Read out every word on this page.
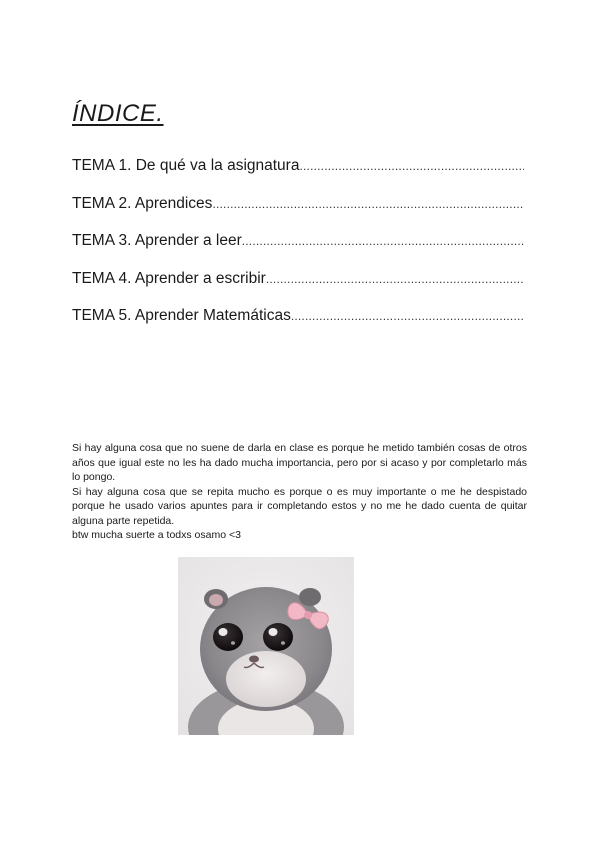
ÍNDICE.
TEMA 1. De qué va la asignatura
.....
TEMA 2. Aprendices
.....
TEMA 3. Aprender a leer
.....
TEMA 4. Aprender a escribir
.....
TEMA 5. Aprender Matemáticas
.....

Si hay alguna cosa que no suene de darla en clase es porque he metido también cosas de otros años que igual este no les ha dado mucha importancia, pero por si acaso y por completarlo más lo pongo.

Si hay alguna cosa que se repita mucho es porque o es muy importante o me he despistado porque he usado varios apuntes para ir completando estos y no me he dado cuenta de quitar alguna parte repetida.

btw mucha suerte a todxs osamo <3
